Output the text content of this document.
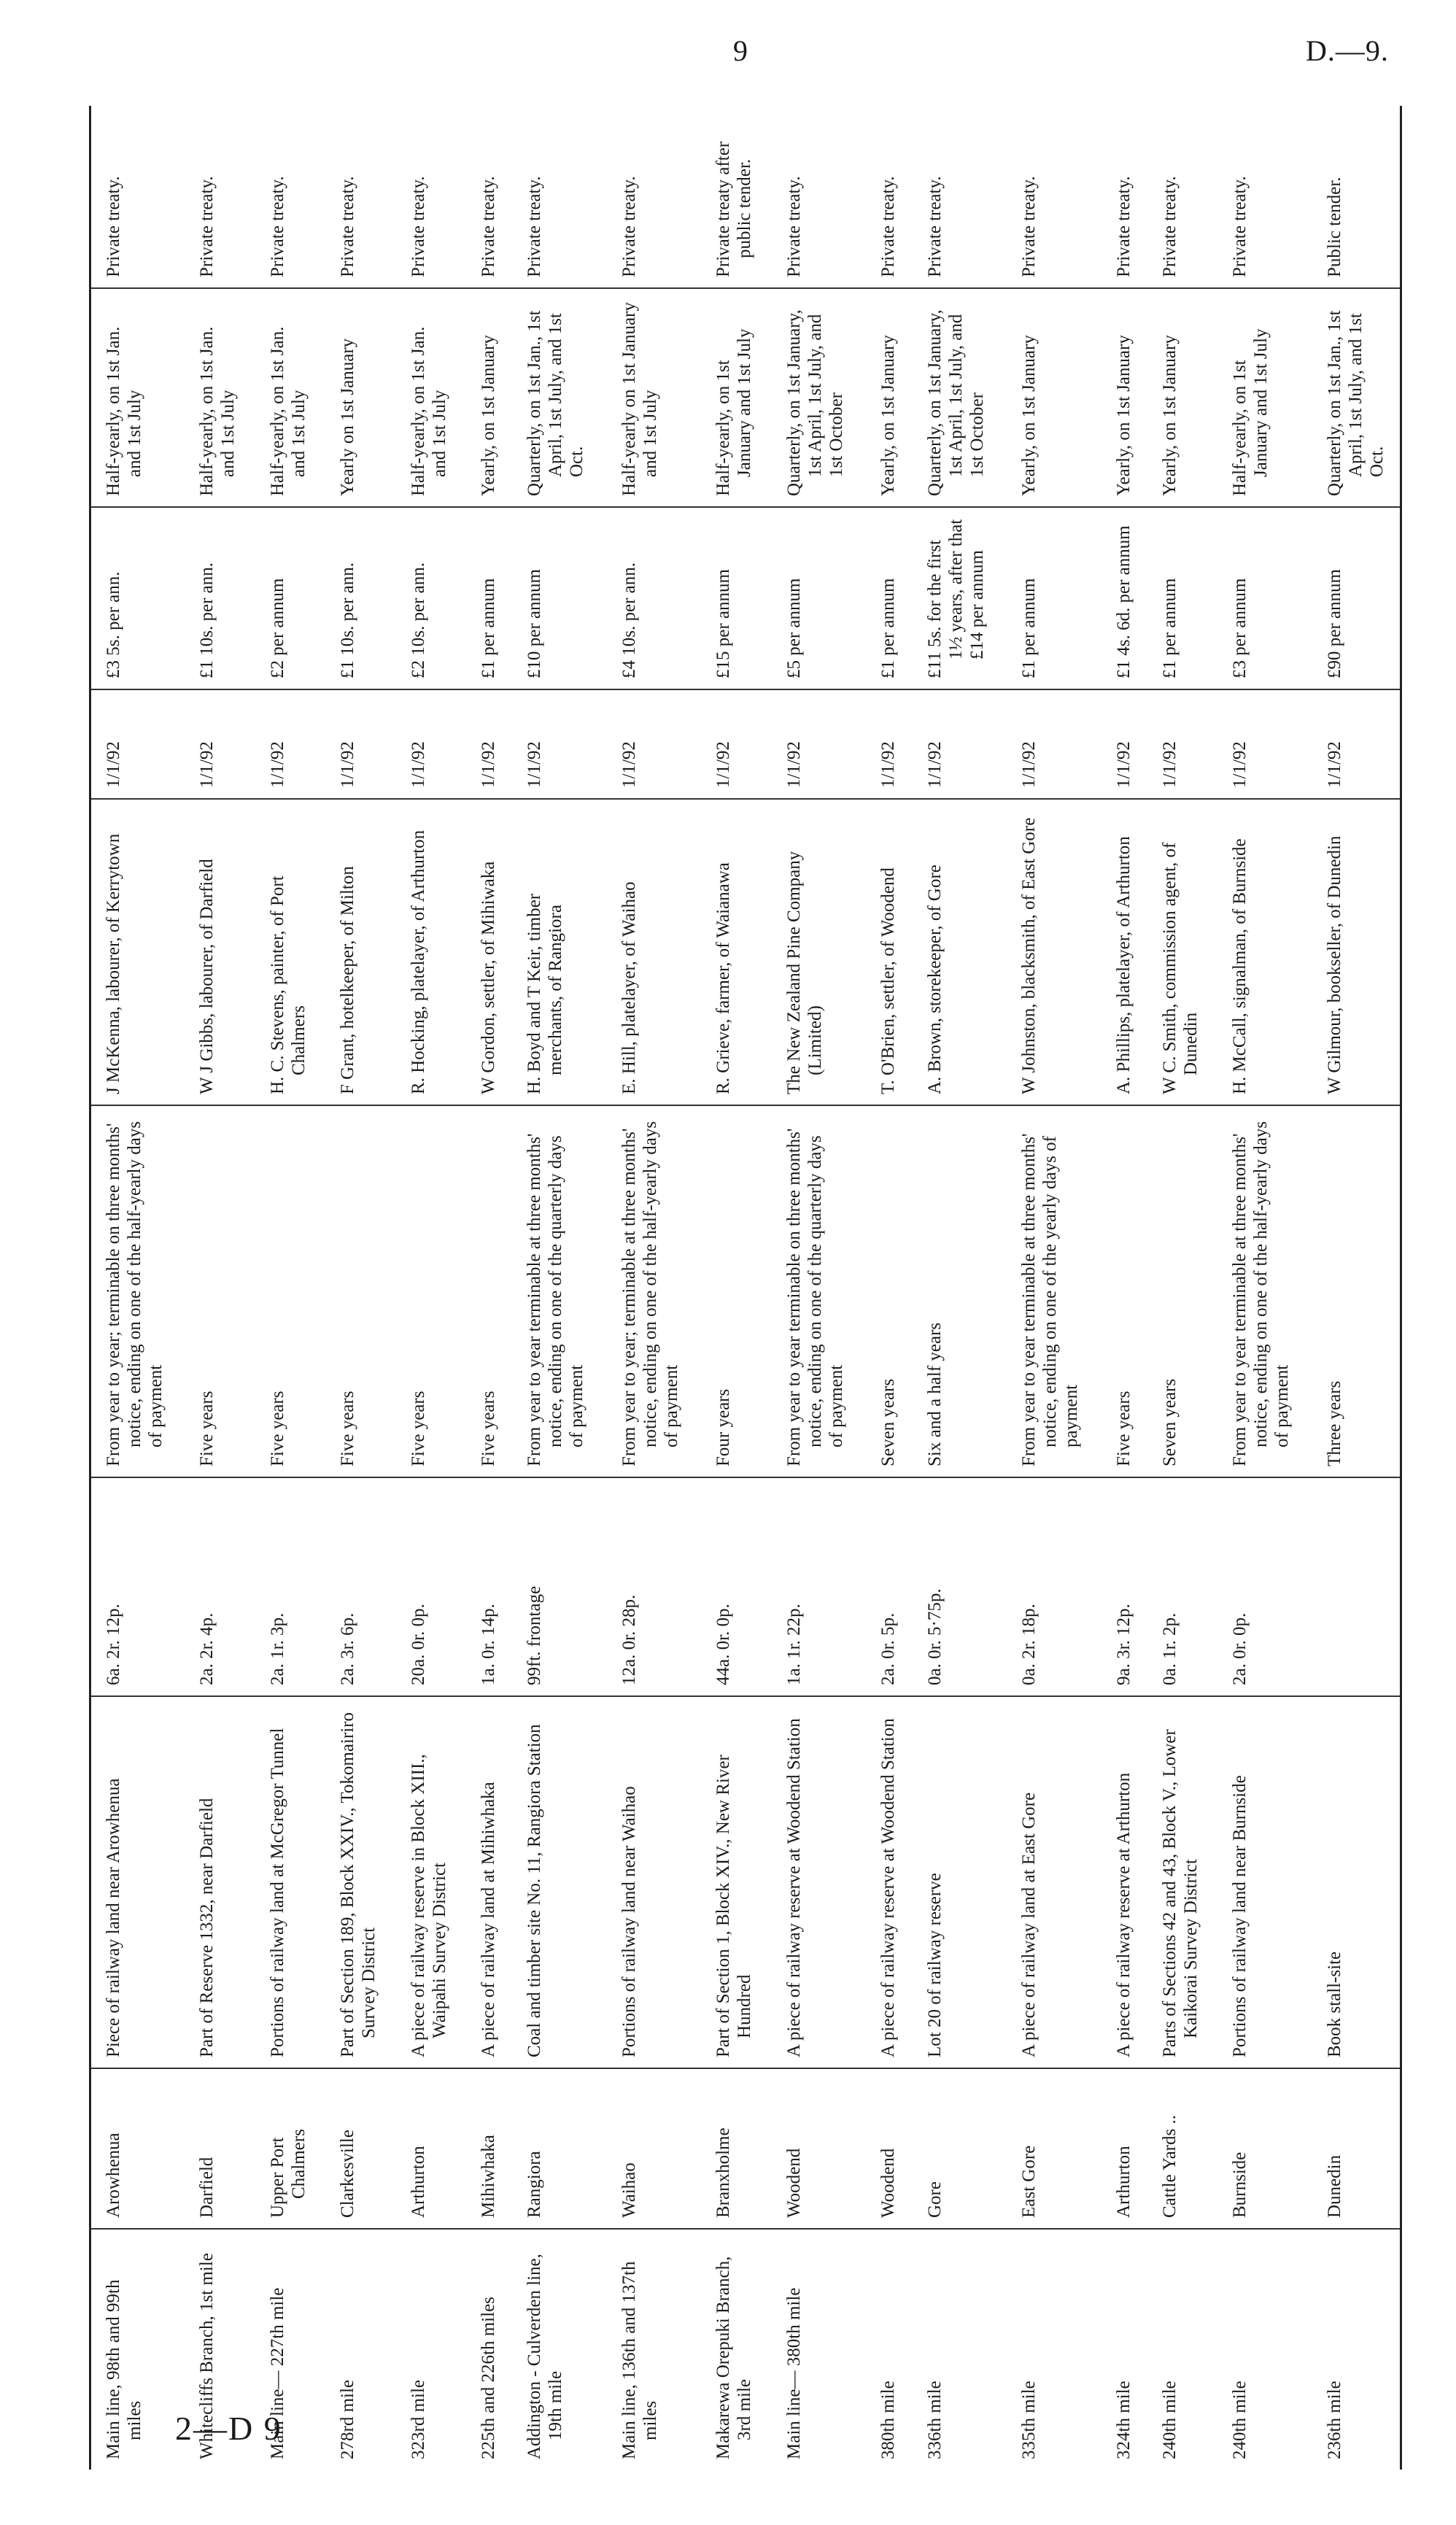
9	D.—9.
Main line, 98th and 99th miles	Arowhenua	Piece of railway land near Arowhenua	6a. 2r. 12p.	From year to year; terminable on three months' notice, ending on one of the half-yearly days of payment	J McKenna, labourer, of Kerrytown	1/1/92	£3 5s. per ann.	Half-yearly, on 1st Jan. and 1st July	Private treaty.
Whitecliffs Branch, 1st mile	Darfield	Part of Reserve 1332, near Darfield	2a. 2r. 4p.	Five years	W J Gibbs, labourer, of Darfield	1/1/92	£1 10s. per ann.	Half-yearly, on 1st Jan. and 1st July	Private treaty.
Main line— 227th mile	Upper Port Chalmers	Portions of railway land at McGregor Tunnel	2a. 1r. 3p.	Five years	H. C. Stevens, painter, of Port Chalmers	1/1/92	£2 per annum	Half-yearly, on 1st Jan. and 1st July	Private treaty.
278rd mile	Clarkesville	Part of Section 189, Block XXIV., Tokomairiro Survey District	2a. 3r. 6p.	Five years	F Grant, hotelkeeper, of Milton	1/1/92	£1 10s. per ann.	Yearly on 1st January	Private treaty.
323rd mile	Arthurton	A piece of railway reserve in Block XIII., Waipahi Survey District	20a. 0r. 0p.	Five years	R. Hocking, platelayer, of Arthurton	1/1/92	£2 10s. per ann.	Half-yearly, on 1st Jan. and 1st July	Private treaty.
225th and 226th miles	Mihiwhaka	A piece of railway land at Mihiwhaka	1a. 0r. 14p.	Five years	W Gordon, settler, of Mihiwaka	1/1/92	£1 per annum	Yearly, on 1st January	Private treaty.
Addington - Culverden line, 19th mile	Rangiora	Coal and timber site No. 11, Rangiora Station	99ft. frontage	From year to year terminable at three months' notice, ending on one of the quarterly days of payment	H. Boyd and T Keir, timber merchants, of Rangiora	1/1/92	£10 per annum	Quarterly, on 1st Jan., 1st April, 1st July, and 1st Oct.	Private treaty.
Main line, 136th and 137th miles	Waihao	Portions of railway land near Waihao	12a. 0r. 28p.	From year to year; terminable at three months' notice, ending on one of the half-yearly days of payment	E. Hill, platelayer, of Waihao	1/1/92	£4 10s. per ann.	Half-yearly on 1st January and 1st July	Private treaty.
Makarewa Orepuki Branch, 3rd mile	Branxholme	Part of Section 1, Block XIV., New River Hundred	44a. 0r. 0p.	Four years	R. Grieve, farmer, of Waianawa	1/1/92	£15 per annum	Half-yearly, on 1st January and 1st July	Private treaty after public tender.
Main line— 380th mile	Woodend	A piece of railway reserve at Woodend Station	1a. 1r. 22p.	From year to year terminable on three months' notice, ending on one of the quarterly days of payment	The New Zealand Pine Company (Limited)	1/1/92	£5 per annum	Quarterly, on 1st January, 1st April, 1st July, and 1st October	Private treaty.
380th mile	Woodend	A piece of railway reserve at Woodend Station	2a. 0r. 5p.	Seven years	T. O'Brien, settler, of Woodend	1/1/92	£1 per annum	Yearly, on 1st January	Private treaty.
336th mile	Gore	Lot 20 of railway reserve	0a. 0r. 5·75p.	Six and a half years	A. Brown, storekeeper, of Gore	1/1/92	£11 5s. for the first 1½ years, after that £14 per annum	Quarterly, on 1st January, 1st April, 1st July, and 1st October	Private treaty.
335th mile	East Gore	A piece of railway land at East Gore	0a. 2r. 18p.	From year to year terminable at three months' notice, ending on one of the yearly days of payment	W Johnston, blacksmith, of East Gore	1/1/92	£1 per annum	Yearly, on 1st January	Private treaty.
324th mile	Arthurton	A piece of railway reserve at Arthurton	9a. 3r. 12p.	Five years	A. Phillips, platelayer, of Arthurton	1/1/92	£1 4s. 6d. per annum	Yearly, on 1st January	Private treaty.
240th mile	Cattle Yards ..	Parts of Sections 42 and 43, Block V., Lower Kaikorai Survey District	0a. 1r. 2p.	Seven years	W C. Smith, commission agent, of Dunedin	1/1/92	£1 per annum	Yearly, on 1st January	Private treaty.
240th mile	Burnside	Portions of railway land near Burnside	2a. 0r. 0p.	From year to year terminable at three months' notice, ending on one of the half-yearly days of payment	H. McCall, signalman, of Burnside	1/1/92	£3 per annum	Half-yearly, on 1st January and 1st July	Private treaty.
236th mile	Dunedin	Book stall-site		Three years	W Gilmour, bookseller, of Dunedin	1/1/92	£90 per annum	Quarterly, on 1st Jan., 1st April, 1st July, and 1st Oct.	Public tender.
2—D 9
